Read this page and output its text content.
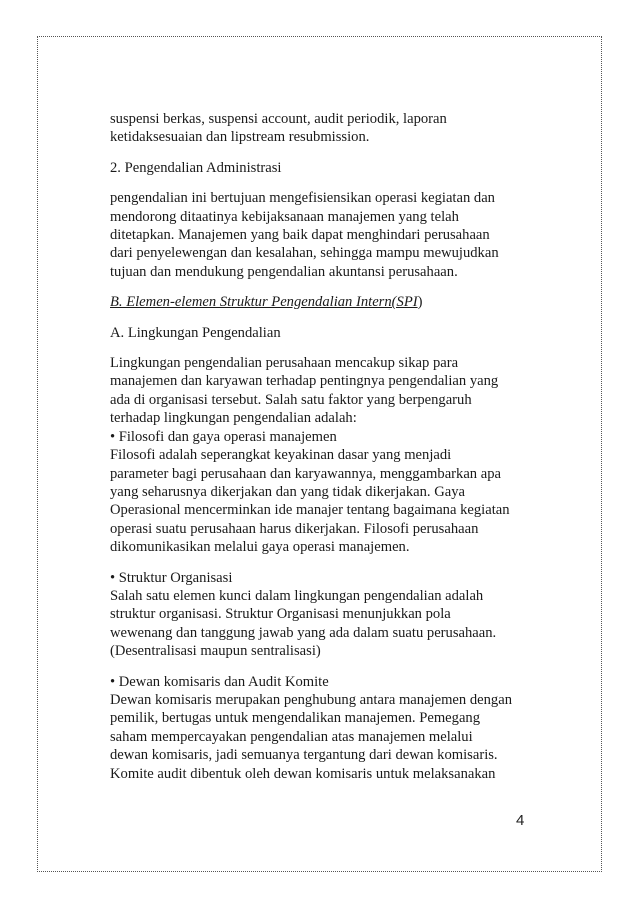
suspensi berkas, suspensi account, audit periodik, laporan
ketidaksesuaian dan lipstream resubmission.

2. Pengendalian Administrasi

pengendalian ini bertujuan mengefisiensikan operasi kegiatan dan
mendorong ditaatinya kebijaksanaan manajemen yang telah
ditetapkan. Manajemen yang baik dapat menghindari perusahaan
dari penyelewengan dan kesalahan, sehingga mampu mewujudkan
tujuan dan mendukung pengendalian akuntansi perusahaan.

B. Elemen-elemen Struktur Pengendalian Intern(SPI)

A. Lingkungan Pengendalian

Lingkungan pengendalian perusahaan mencakup sikap para
manajemen dan karyawan terhadap pentingnya pengendalian yang
ada di organisasi tersebut. Salah satu faktor yang berpengaruh
terhadap lingkungan pengendalian adalah:
• Filosofi dan gaya operasi manajemen
Filosofi adalah seperangkat keyakinan dasar yang menjadi
parameter bagi perusahaan dan karyawannya, menggambarkan apa
yang seharusnya dikerjakan dan yang tidak dikerjakan. Gaya
Operasional mencerminkan ide manajer tentang bagaimana kegiatan
operasi suatu perusahaan harus dikerjakan. Filosofi perusahaan
dikomunikasikan melalui gaya operasi manajemen.

• Struktur Organisasi
Salah satu elemen kunci dalam lingkungan pengendalian adalah
struktur organisasi. Struktur Organisasi menunjukkan pola
wewenang dan tanggung jawab yang ada dalam suatu perusahaan.
(Desentralisasi maupun sentralisasi)

• Dewan komisaris dan Audit Komite
Dewan komisaris merupakan penghubung antara manajemen dengan
pemilik, bertugas untuk mengendalikan manajemen. Pemegang
saham mempercayakan pengendalian atas manajemen melalui
dewan komisaris, jadi semuanya tergantung dari dewan komisaris.
Komite audit dibentuk oleh dewan komisaris untuk melaksanakan

4
